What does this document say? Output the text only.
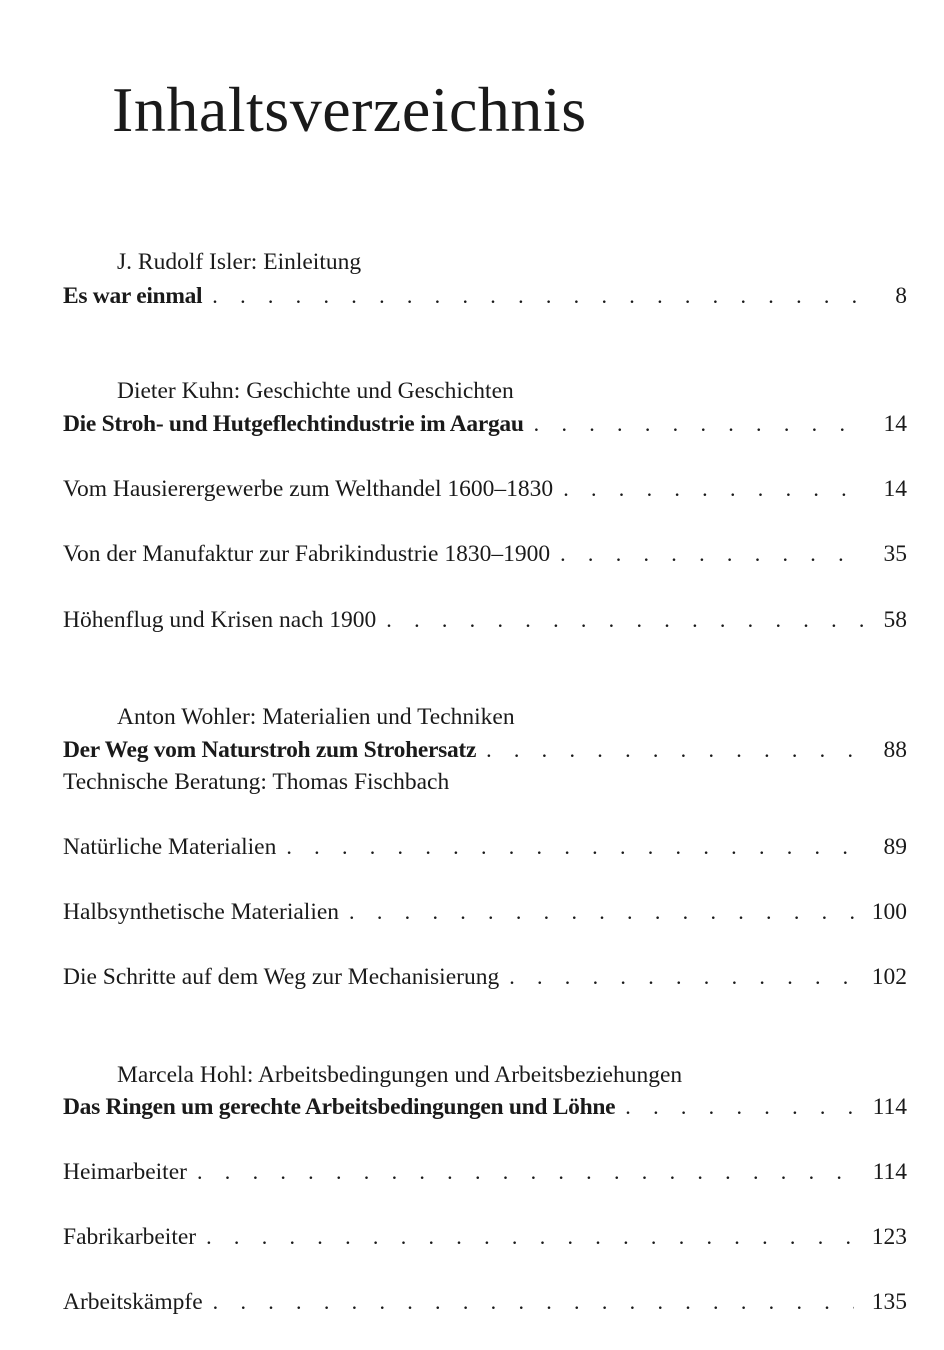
Inhaltsverzeichnis
J. Rudolf Isler: Einleitung
Es war einmal . . .	8
Dieter Kuhn: Geschichte und Geschichten
Die Stroh- und Hutgeflechtindustrie im Aargau . . .	14
Vom Hausierergewerbe zum Welthandel 1600–1830 . . .	14
Von der Manufaktur zur Fabrikindustrie 1830–1900 . . .	35
Höhenflug und Krisen nach 1900 . . .	58
Anton Wohler: Materialien und Techniken
Der Weg vom Naturstroh zum Strohersatz . . .	88
Technische Beratung: Thomas Fischbach
Natürliche Materialien . . .	89
Halbsynthetische Materialien . . .	100
Die Schritte auf dem Weg zur Mechanisierung . . .	102
Marcela Hohl: Arbeitsbedingungen und Arbeitsbeziehungen
Das Ringen um gerechte Arbeitsbedingungen und Löhne . . .	114
Heimarbeiter . . .	114
Fabrikarbeiter . . .	123
Arbeitskämpfe . . .	135
